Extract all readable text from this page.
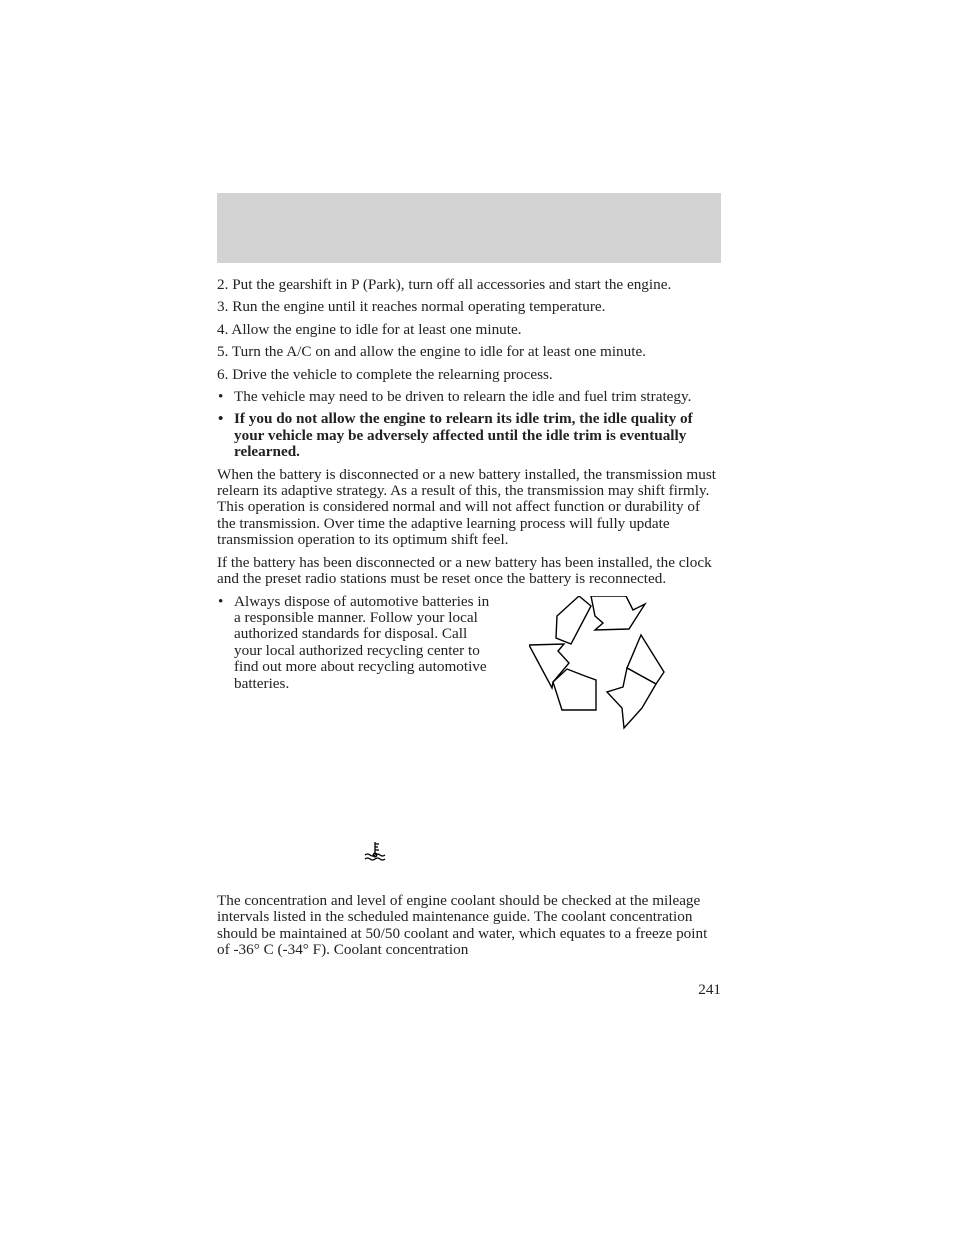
2. Put the gearshift in P (Park), turn off all accessories and start the engine.

3. Run the engine until it reaches normal operating temperature.

4. Allow the engine to idle for at least one minute.

5. Turn the A/C on and allow the engine to idle for at least one minute.

6. Drive the vehicle to complete the relearning process.

• The vehicle may need to be driven to relearn the idle and fuel trim strategy.
• If you do not allow the engine to relearn its idle trim, the idle quality of your vehicle may be adversely affected until the idle trim is eventually relearned.

When the battery is disconnected or a new battery installed, the transmission must relearn its adaptive strategy. As a result of this, the transmission may shift firmly. This operation is considered normal and will not affect function or durability of the transmission. Over time the adaptive learning process will fully update transmission operation to its optimum shift feel.

If the battery has been disconnected or a new battery has been installed, the clock and the preset radio stations must be reset once the battery is reconnected.

• Always dispose of automotive batteries in a responsible manner. Follow your local authorized standards for disposal. Call your local authorized recycling center to find out more about recycling automotive batteries.

The concentration and level of engine coolant should be checked at the mileage intervals listed in the scheduled maintenance guide. The coolant concentration should be maintained at 50/50 coolant and water, which equates to a freeze point of -36° C (-34° F). Coolant concentration

241
